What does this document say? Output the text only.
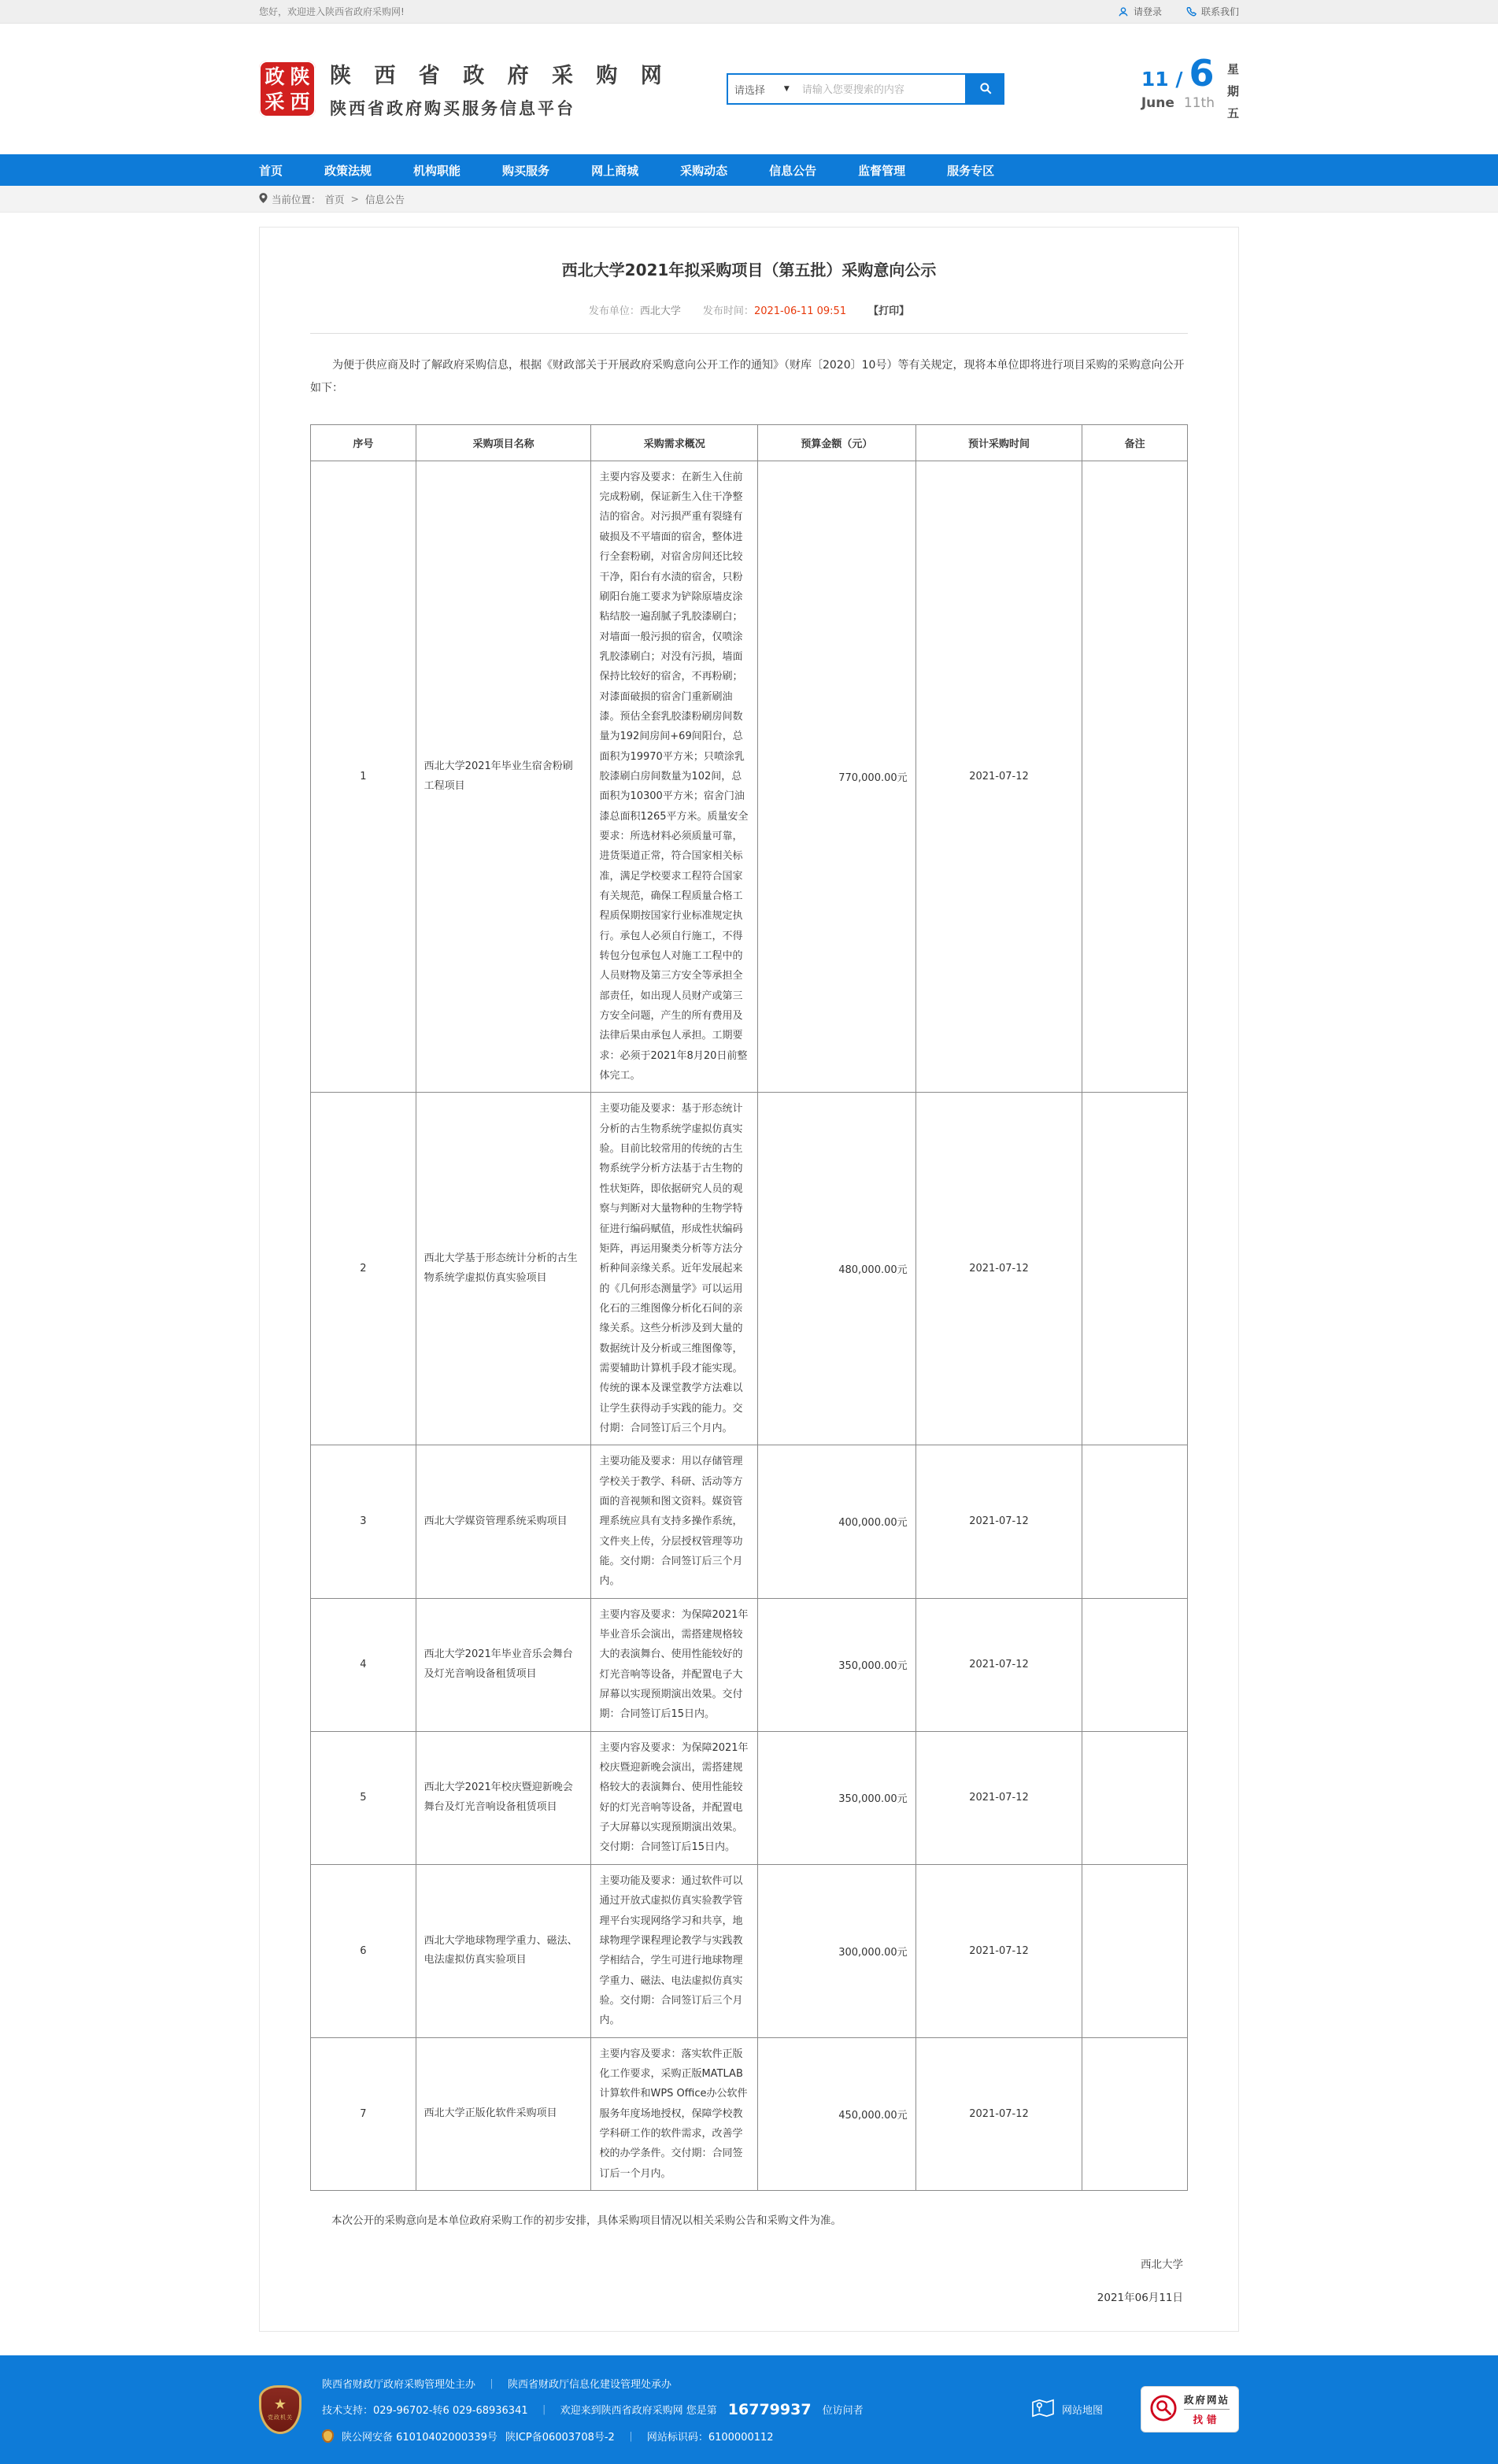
您好，欢迎进入陕西省政府采购网!	请登录	联系我们
政 陕
采 西
陕 西 省 政 府 采 购 网
陕西省政府购买服务信息平台
请选择	▼
请输入您要搜索的内容	11 / 6
June 11th
星
期
五
首页	政策法规	机构职能	购买服务	网上商城	采购动态	信息公告	监督管理	服务专区
当前位置： 首页 > 信息公告
西北大学2021年拟采购项目（第五批）采购意向公示
发布单位：西北大学 发布时间：2021-06-11 09:51 【打印】

为便于供应商及时了解政府采购信息，根据《财政部关于开展政府采购意向公开工作的通知》（财库〔2020〕10号）等有关规定，现将本单位即将进行项目采购的采购意向公开如下：

序号	采购项目名称	采购需求概况	预算金额（元）	预计采购时间	备注
1	西北大学2021年毕业生宿舍粉刷工程项目	主要内容及要求：在新生入住前完成粉刷，保证新生入住干净整洁的宿舍。对污损严重有裂缝有破损及不平墙面的宿舍，整体进行全套粉刷，对宿舍房间还比较干净，阳台有水渍的宿舍，只粉刷阳台施工要求为铲除原墙皮涂粘结胶一遍刮腻子乳胶漆刷白；对墙面一般污损的宿舍，仅喷涂乳胶漆刷白；对没有污损，墙面保持比较好的宿舍，不再粉刷；对漆面破损的宿舍门重新刷油漆。预估全套乳胶漆粉刷房间数量为192间房间+69间阳台，总面积为19970平方米；只喷涂乳胶漆刷白房间数量为102间，总面积为10300平方米；宿舍门油漆总面积1265平方米。质量安全要求：所选材料必须质量可靠，进货渠道正常，符合国家相关标准，满足学校要求工程符合国家有关规范，确保工程质量合格工程质保期按国家行业标准规定执行。承包人必须自行施工，不得转包分包承包人对施工工程中的人员财物及第三方安全等承担全部责任，如出现人员财产或第三方安全问题，产生的所有费用及法律后果由承包人承担。工期要求：必须于2021年8月20日前整体完工。	770,000.00元	2021-07-12	
2	西北大学基于形态统计分析的古生物系统学虚拟仿真实验项目	主要功能及要求：基于形态统计分析的古生物系统学虚拟仿真实验。目前比较常用的传统的古生物系统学分析方法基于古生物的性状矩阵，即依据研究人员的观察与判断对大量物种的生物学特征进行编码赋值，形成性状编码矩阵，再运用聚类分析等方法分析种间亲缘关系。近年发展起来的《几何形态测量学》可以运用化石的三维图像分析化石间的亲缘关系。这些分析涉及到大量的数据统计及分析或三维图像等，需要辅助计算机手段才能实现。传统的课本及课堂教学方法难以让学生获得动手实践的能力。交付期：合同签订后三个月内。	480,000.00元	2021-07-12	
3	西北大学媒资管理系统采购项目	主要功能及要求：用以存储管理学校关于教学、科研、活动等方面的音视频和图文资料。媒资管理系统应具有支持多操作系统，文件夹上传，分层授权管理等功能。交付期：合同签订后三个月内。	400,000.00元	2021-07-12	
4	西北大学2021年毕业音乐会舞台及灯光音响设备租赁项目	主要内容及要求：为保障2021年毕业音乐会演出，需搭建规格较大的表演舞台、使用性能较好的灯光音响等设备，并配置电子大屏幕以实现预期演出效果。交付期：合同签订后15日内。	350,000.00元	2021-07-12	
5	西北大学2021年校庆暨迎新晚会舞台及灯光音响设备租赁项目	主要内容及要求：为保障2021年校庆暨迎新晚会演出，需搭建规格较大的表演舞台、使用性能较好的灯光音响等设备，并配置电子大屏幕以实现预期演出效果。交付期：合同签订后15日内。	350,000.00元	2021-07-12	
6	西北大学地球物理学重力、磁法、电法虚拟仿真实验项目	主要功能及要求：通过软件可以通过开放式虚拟仿真实验教学管理平台实现网络学习和共享，地球物理学课程理论教学与实践教学相结合，学生可进行地球物理学重力、磁法、电法虚拟仿真实验。交付期：合同签订后三个月内。	300,000.00元	2021-07-12	
7	西北大学正版化软件采购项目	主要内容及要求：落实软件正版化工作要求，采购正版MATLAB计算软件和WPS Office办公软件服务年度场地授权，保障学校教学科研工作的软件需求，改善学校的办学条件。交付期：合同签订后一个月内。	450,000.00元	2021-07-12	

本次公开的采购意向是本单位政府采购工作的初步安排，具体采购项目情况以相关采购公告和采购文件为准。

西北大学
2021年06月11日
★
党政机关
陕西省财政厅政府采购管理处主办	｜	陕西省财政厅信息化建设管理处承办
技术支持：029-96702-转6 029-68936341	｜	欢迎来到陕西省政府采购网 您是第 16779937 位访问者
陕公网安备 61010402000339号 陕ICP备06003708号-2	｜	网站标识码：6100000112
网站地图
政府网站
找错
